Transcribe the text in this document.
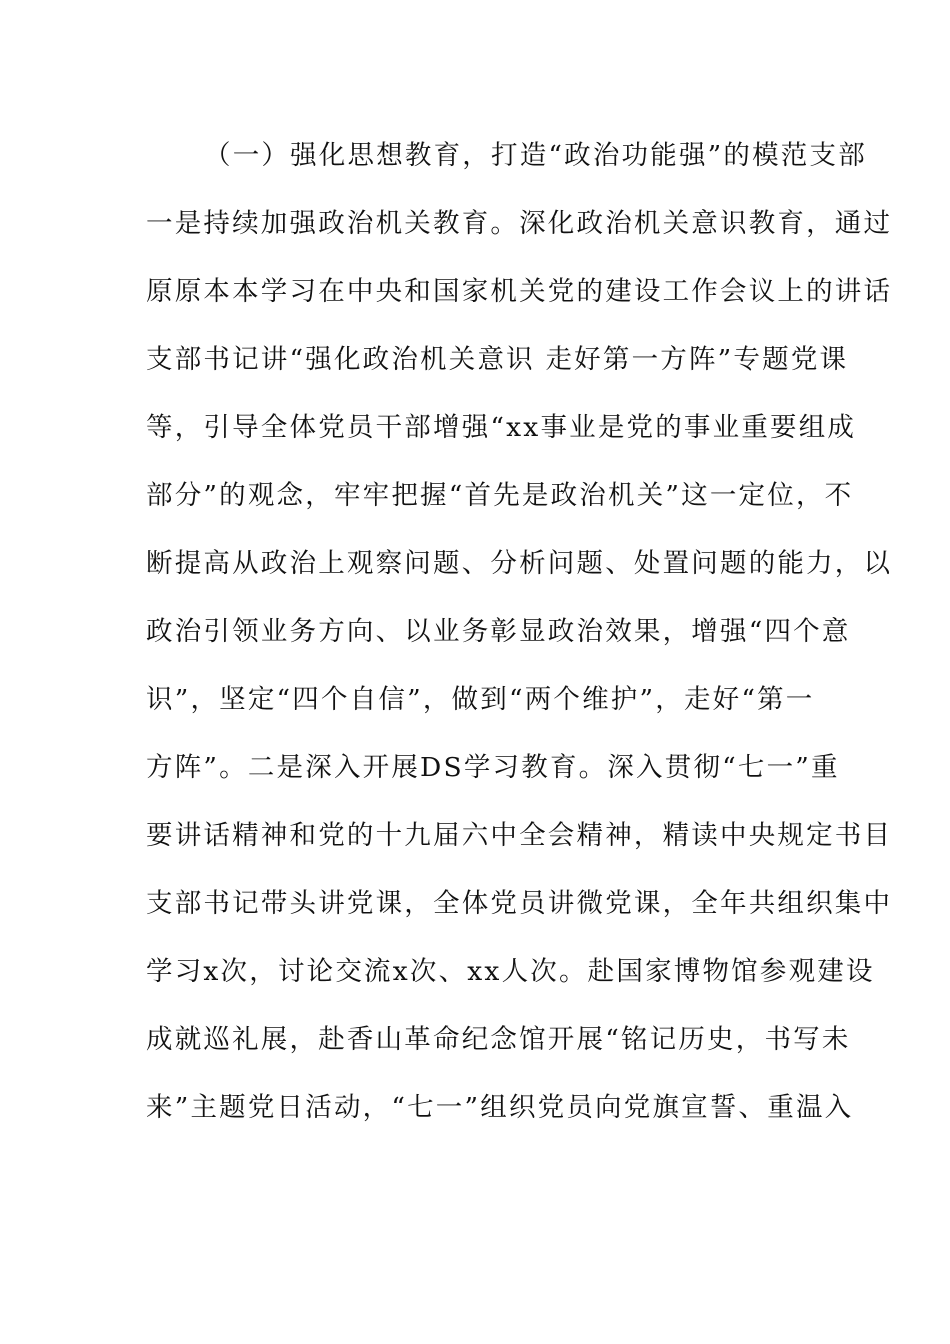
（一）强化思想教育，打造“政治功能强”的模范支部
一是持续加强政治机关教育。深化政治机关意识教育，通过
原原本本学习在中央和国家机关党的建设工作会议上的讲话
支部书记讲“强化政治机关意识 走好第一方阵”专题党课
等，引导全体党员干部增强“xx事业是党的事业重要组成
部分”的观念，牢牢把握“首先是政治机关”这一定位，不
断提高从政治上观察问题、分析问题、处置问题的能力，以
政治引领业务方向、以业务彰显政治效果，增强“四个意
识”，坚定“四个自信”，做到“两个维护”，走好“第一
方阵”。二是深入开展DS学习教育。深入贯彻“七一”重
要讲话精神和党的十九届六中全会精神，精读中央规定书目
支部书记带头讲党课，全体党员讲微党课，全年共组织集中
学习x次，讨论交流x次、xx人次。赴国家博物馆参观建设
成就巡礼展，赴香山革命纪念馆开展“铭记历史，书写未
来”主题党日活动，“七一”组织党员向党旗宣誓、重温入
